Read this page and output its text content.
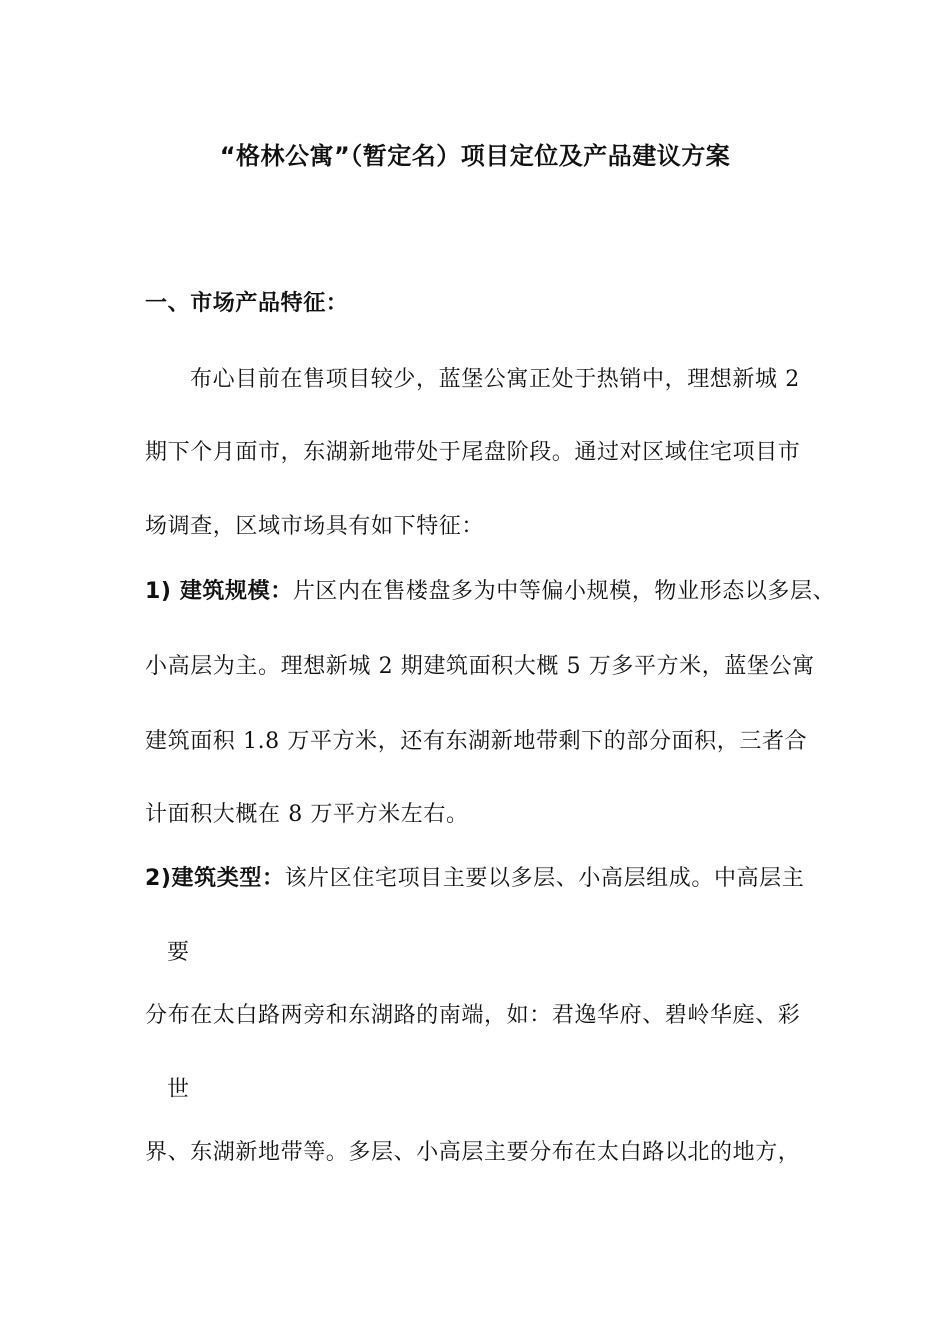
“格林公寓”（暂定名）项目定位及产品建议方案
一、市场产品特征：
布心目前在售项目较少，蓝堡公寓正处于热销中，理想新城 2
期下个月面市，东湖新地带处于尾盘阶段。通过对区域住宅项目市
场调查，区域市场具有如下特征：
1) 建筑规模：片区内在售楼盘多为中等偏小规模，物业形态以多层、
小高层为主。理想新城 2 期建筑面积大概 5 万多平方米，蓝堡公寓
建筑面积 1.8 万平方米，还有东湖新地带剩下的部分面积，三者合
计面积大概在 8 万平方米左右。
2)建筑类型：该片区住宅项目主要以多层、小高层组成。中高层主
要
分布在太白路两旁和东湖路的南端，如：君逸华府、碧岭华庭、彩
世
界、东湖新地带等。多层、小高层主要分布在太白路以北的地方，
